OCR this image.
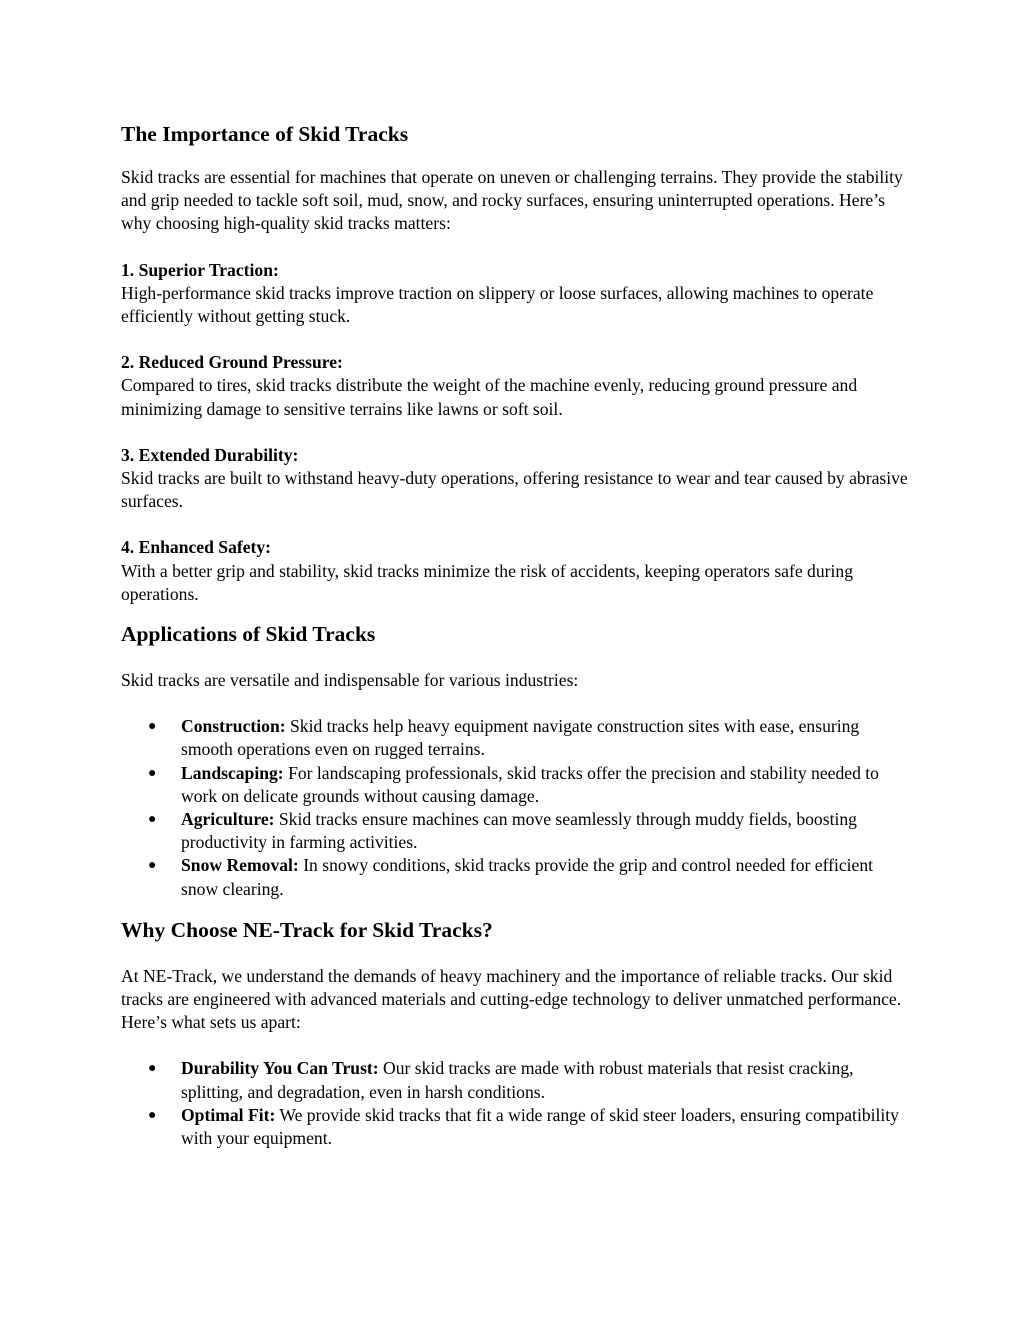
The Importance of Skid Tracks

Skid tracks are essential for machines that operate on uneven or challenging terrains. They provide the stability and grip needed to tackle soft soil, mud, snow, and rocky surfaces, ensuring uninterrupted operations. Here’s why choosing high-quality skid tracks matters:

1. Superior Traction:

High-performance skid tracks improve traction on slippery or loose surfaces, allowing machines to operate efficiently without getting stuck.

2. Reduced Ground Pressure:

Compared to tires, skid tracks distribute the weight of the machine evenly, reducing ground pressure and minimizing damage to sensitive terrains like lawns or soft soil.

3. Extended Durability:

Skid tracks are built to withstand heavy-duty operations, offering resistance to wear and tear caused by abrasive surfaces.

4. Enhanced Safety:

With a better grip and stability, skid tracks minimize the risk of accidents, keeping operators safe during operations.

Applications of Skid Tracks

Skid tracks are versatile and indispensable for various industries:

● Construction: Skid tracks help heavy equipment navigate construction sites with ease, ensuring smooth operations even on rugged terrains.
● Landscaping: For landscaping professionals, skid tracks offer the precision and stability needed to work on delicate grounds without causing damage.
● Agriculture: Skid tracks ensure machines can move seamlessly through muddy fields, boosting productivity in farming activities.
● Snow Removal: In snowy conditions, skid tracks provide the grip and control needed for efficient snow clearing.
Why Choose NE-Track for Skid Tracks?

At NE-Track, we understand the demands of heavy machinery and the importance of reliable tracks. Our skid tracks are engineered with advanced materials and cutting-edge technology to deliver unmatched performance. Here’s what sets us apart:

● Durability You Can Trust: Our skid tracks are made with robust materials that resist cracking, splitting, and degradation, even in harsh conditions.
● Optimal Fit: We provide skid tracks that fit a wide range of skid steer loaders, ensuring compatibility with your equipment.
